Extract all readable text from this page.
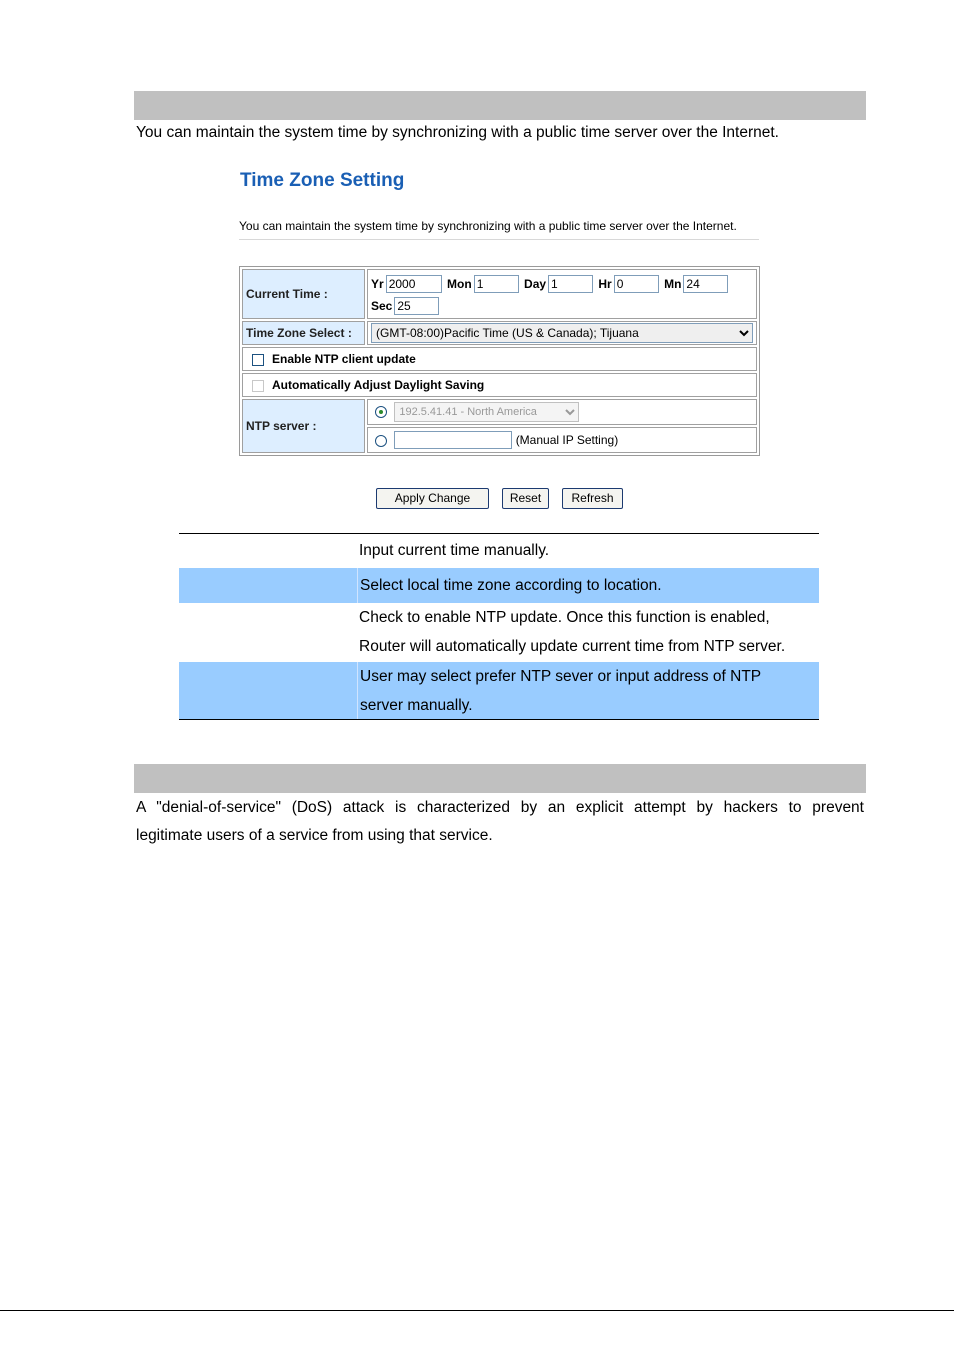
You can maintain the system time by synchronizing with a public time server over the Internet.
Time Zone Setting
You can maintain the system time by synchronizing with a public time server over the Internet.
Current Time :	Yr2000 Mon1 Day1 Hr0 Mn24
Sec25
Time Zone Select :	
(GMT-08:00)Pacific Time (US & Canada); Tijuana
Enable NTP client update	
Automatically Adjust Daylight Saving	
NTP server :	
192.5.41.41 - North America
	(Manual IP Setting)
Apply Change	Reset	Refresh
Input current time manually.
Select local time zone according to location.
Check to enable NTP update. Once this function is enabled,
Router will automatically update current time from NTP server.
User may select prefer NTP sever or input address of NTP
server manually.
A "denial-of-service" (DoS) attack is characterized by an explicit attempt by hackers to prevent
legitimate users of a service from using that service.
